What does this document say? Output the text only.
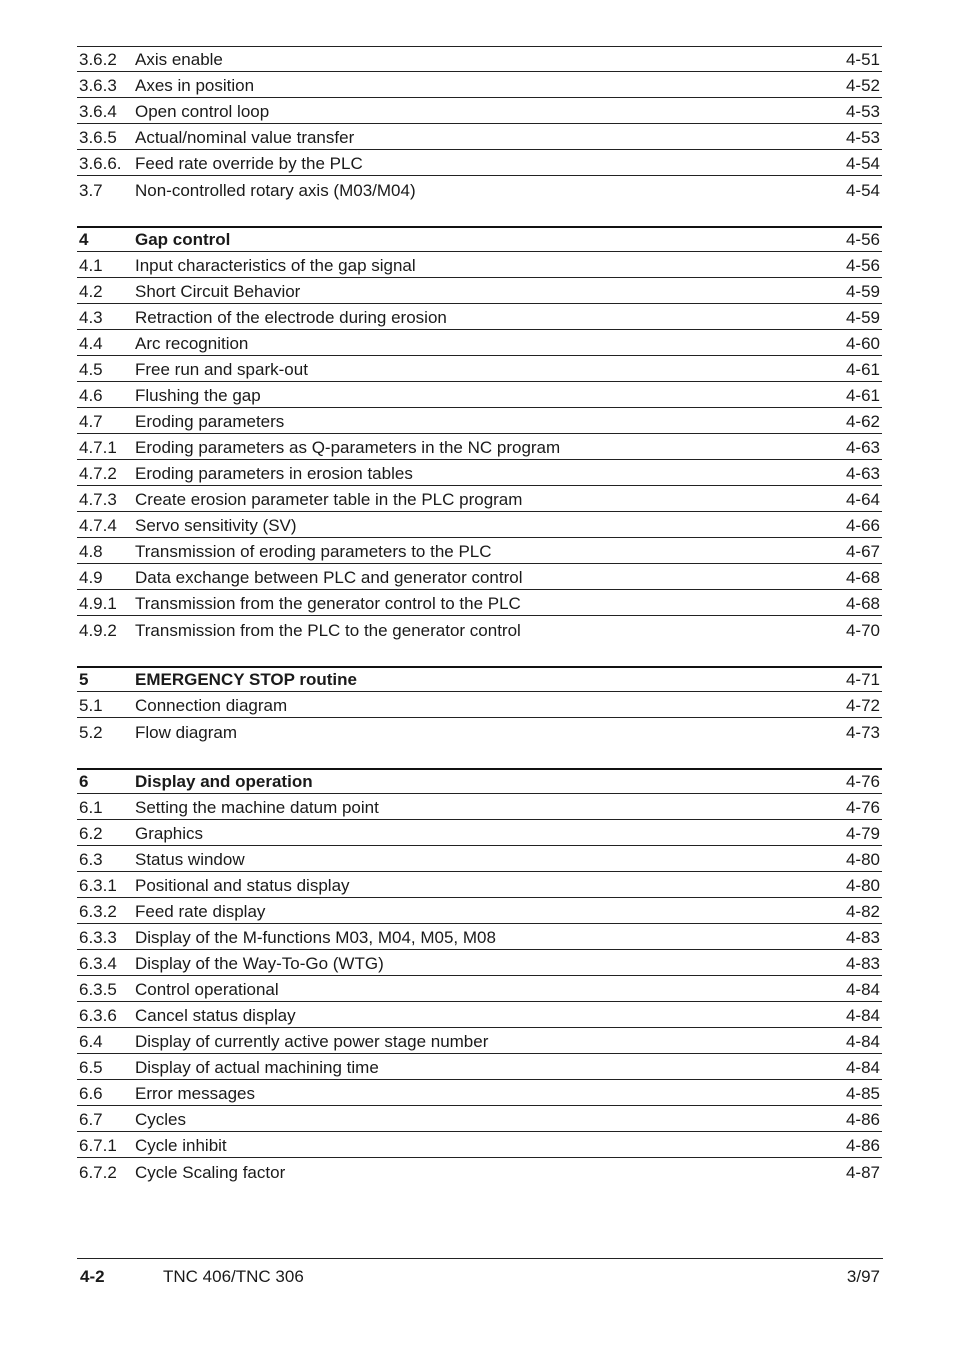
3.6.2	Axis enable	4-51
3.6.3	Axes in position	4-52
3.6.4	Open control loop	4-53
3.6.5	Actual/nominal value transfer	4-53
3.6.6. Feed rate override by the PLC	4-54
3.7	Non-controlled rotary axis (M03/M04)	4-54
4	Gap control	4-56
4.1	Input characteristics of the gap signal	4-56
4.2	Short Circuit Behavior	4-59
4.3	Retraction of the electrode during erosion	4-59
4.4	Arc recognition	4-60
4.5	Free run and spark-out	4-61
4.6	Flushing the gap	4-61
4.7	Eroding parameters	4-62
4.7.1	Eroding parameters as Q-parameters in the NC program	4-63
4.7.2	Eroding parameters in erosion tables	4-63
4.7.3	Create erosion parameter table in the PLC program	4-64
4.7.4	Servo sensitivity (SV)	4-66
4.8	Transmission of eroding parameters to the PLC	4-67
4.9	Data exchange between PLC and generator control	4-68
4.9.1	Transmission from the generator control to the PLC	4-68
4.9.2	Transmission from the PLC to the generator control	4-70
5	EMERGENCY STOP routine	4-71
5.1	Connection diagram	4-72
5.2	Flow diagram	4-73
6	Display and operation	4-76
6.1	Setting the machine datum point	4-76
6.2	Graphics	4-79
6.3	Status window	4-80
6.3.1	Positional and status display	4-80
6.3.2	Feed rate display	4-82
6.3.3	Display of the M-functions M03, M04, M05, M08	4-83
6.3.4	Display of the Way-To-Go (WTG)	4-83
6.3.5	Control operational	4-84
6.3.6	Cancel status display	4-84
6.4	Display of currently active power stage number	4-84
6.5	Display of actual machining time	4-84
6.6	Error messages	4-85
6.7	Cycles	4-86
6.7.1	Cycle inhibit	4-86
6.7.2	Cycle Scaling factor	4-87
4-2	TNC 406/TNC 306	3/97
